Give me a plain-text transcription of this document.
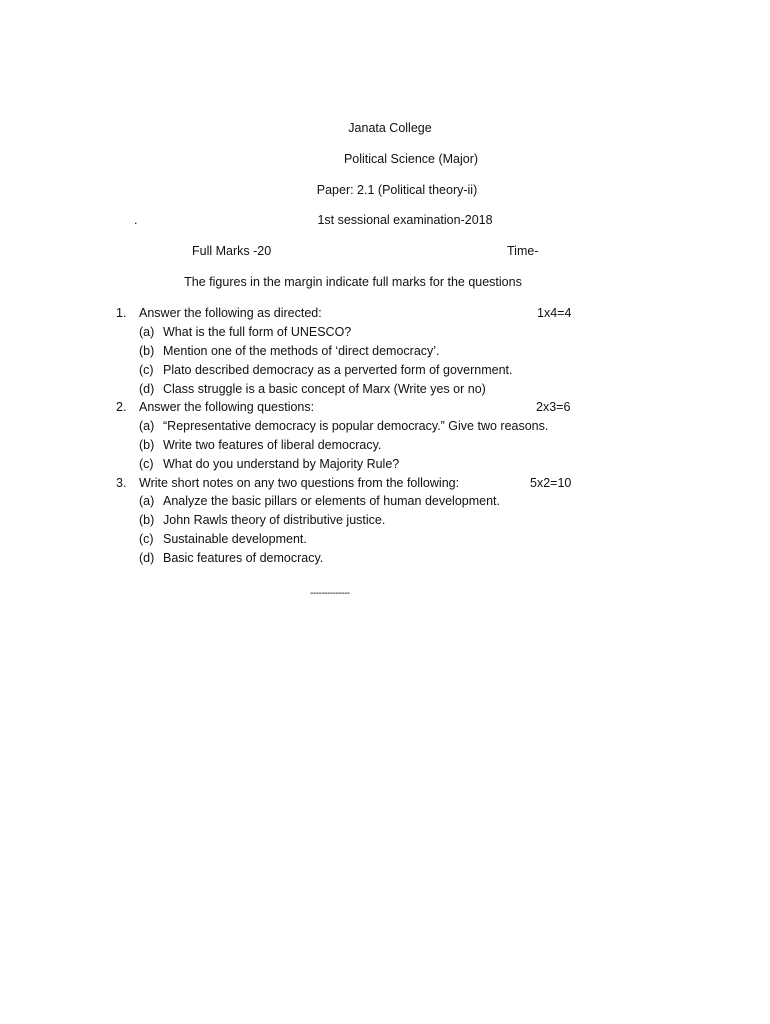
Janata College
Political Science (Major)
Paper: 2.1 (Political theory-ii)
.	1st sessional examination-2018
Full Marks -20	Time-
The figures in the margin indicate full marks for the questions
1. Answer the following as directed:	1x4=4
(a) What is the full form of UNESCO?
(b) Mention one of the methods of ‘direct democracy’.
(c) Plato described democracy as a perverted form of government.
(d) Class struggle is a basic concept of Marx (Write yes or no)
2. Answer the following questions:	2x3=6
(a) “Representative democracy is popular democracy.” Give two reasons.
(b) Write two features of liberal democracy.
(c) What do you understand by Majority Rule?
3. Write short notes on any two questions from the following:	5x2=10
(a) Analyze the basic pillars or elements of human development.
(b) John Rawls theory of distributive justice.
(c) Sustainable development.
(d) Basic features of democracy.
--------------
